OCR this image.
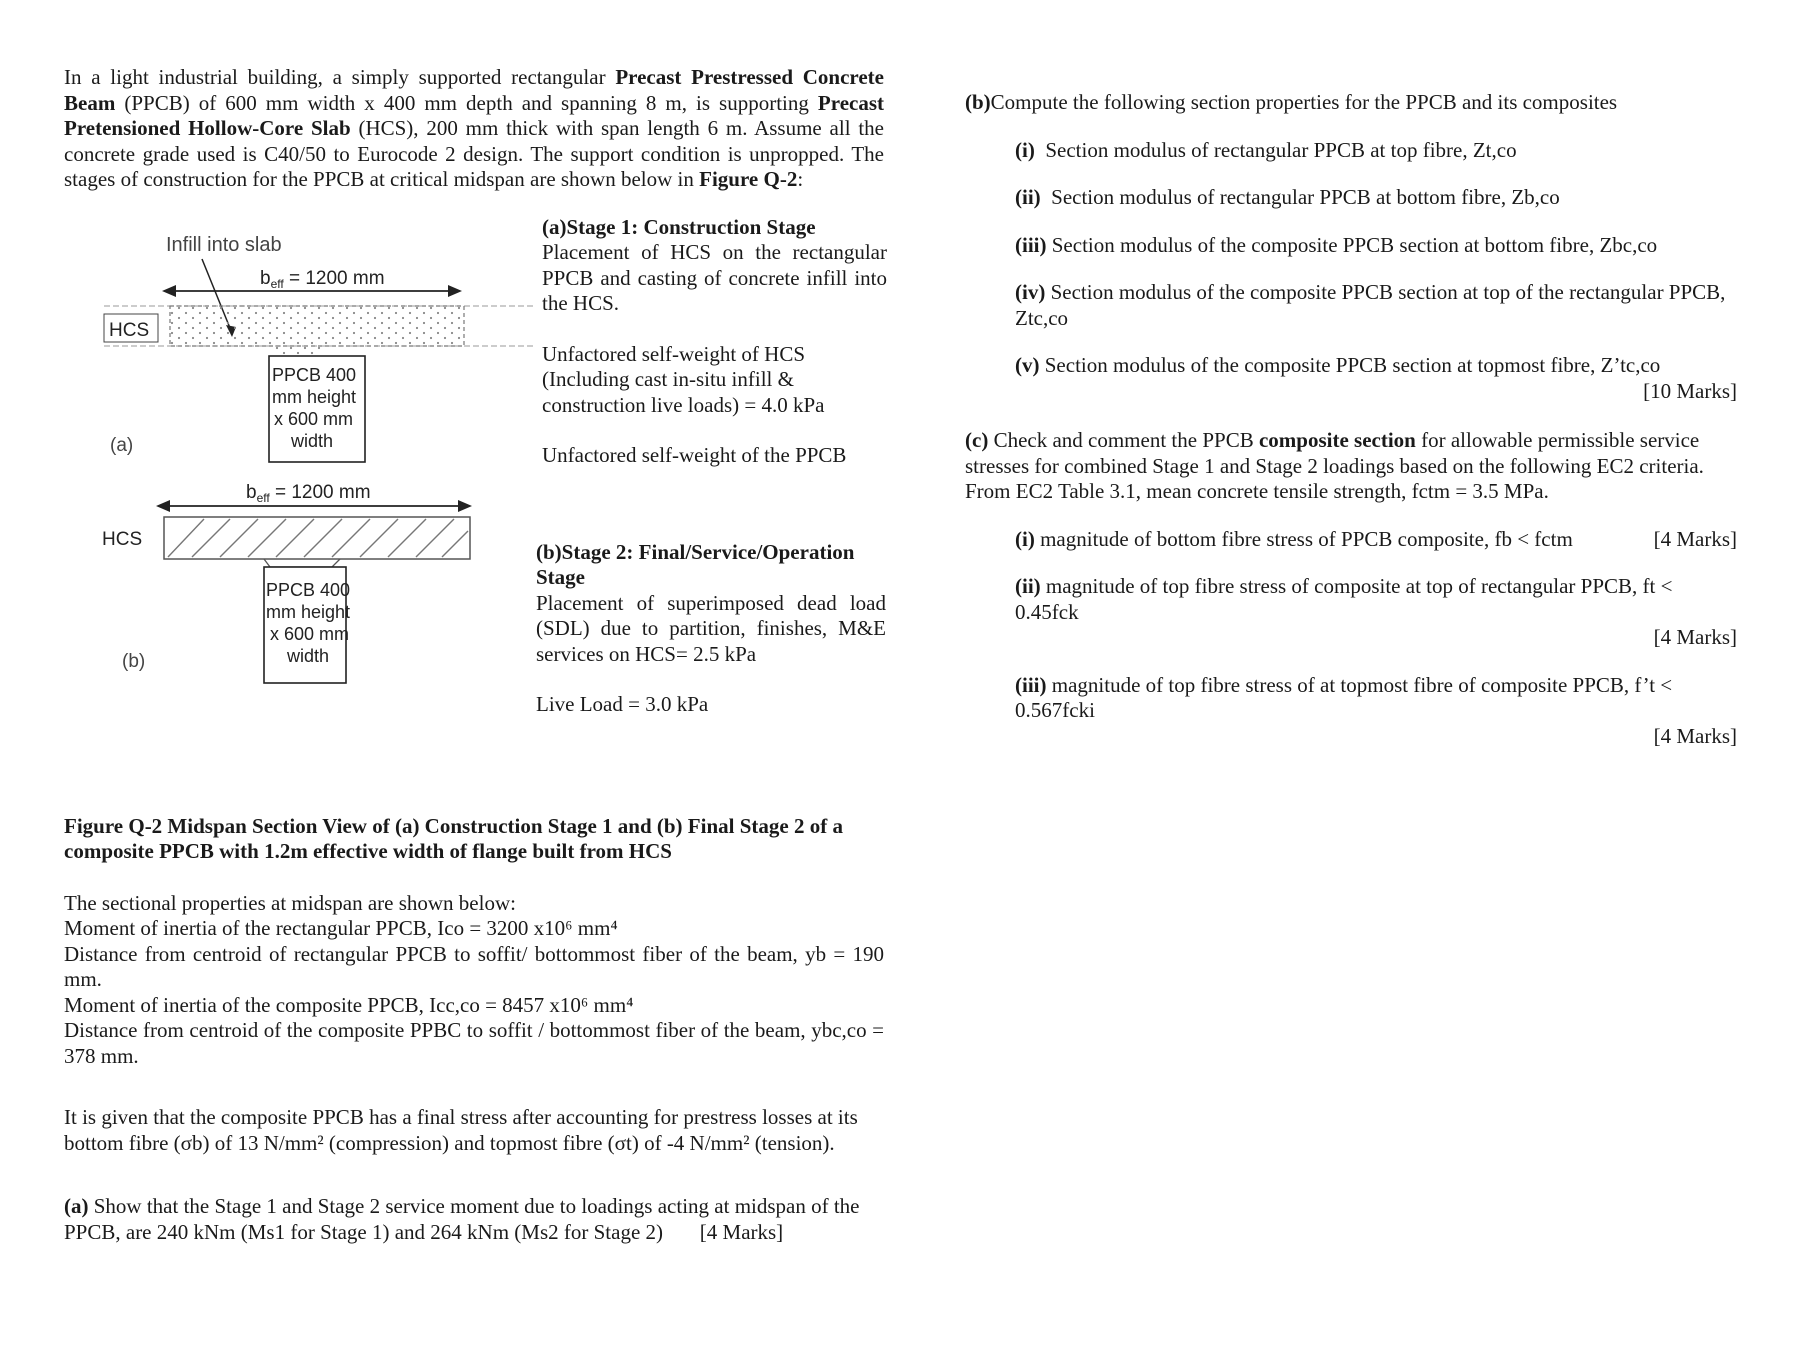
In a light industrial building, a simply supported rectangular Precast Prestressed Concrete Beam (PPCB) of 600 mm width x 400 mm depth and spanning 8 m, is supporting Precast Pretensioned Hollow-Core Slab (HCS), 200 mm thick with span length 6 m. Assume all the concrete grade used is C40/50 to Eurocode 2 design. The support condition is unpropped. The stages of construction for the PPCB at critical midspan are shown below in Figure Q-2:

Infill into slab
$b_{eff} = 1200$ mm
HCS
PPCB 400
mm height
x 600 mm
width
(a)
$b_{eff} = 1200$ mm
HCS
PPCB 400
mm height
x 600 mm
width
(b)

(a)Stage 1: Construction Stage

Placement of HCS on the rectangular PPCB and casting of concrete infill into the HCS.

Unfactored self-weight of HCS (Including cast in-situ infill & construction live loads) = 4.0 kPa

Unfactored self-weight of the PPCB

(b)Stage 2: Final/Service/Operation Stage

Placement of superimposed dead load (SDL) due to partition, finishes, M&E services on HCS= 2.5 kPa

Live Load = 3.0 kPa

Figure Q-2 Midspan Section View of (a) Construction Stage 1 and (b) Final Stage 2 of a composite PPCB with 1.2m effective width of flange built from HCS

The sectional properties at midspan are shown below:

Moment of inertia of the rectangular PPCB, Ico = 3200 x10⁶ mm⁴

Distance from centroid of rectangular PPCB to soffit/ bottommost fiber of the beam, yb = 190 mm.

Moment of inertia of the composite PPCB, Icc,co = 8457 x10⁶ mm⁴

Distance from centroid of the composite PPBC to soffit / bottommost fiber of the beam, ybc,co = 378 mm.

It is given that the composite PPCB has a final stress after accounting for prestress losses at its bottom fibre (σb) of 13 N/mm² (compression) and topmost fibre (σt) of -4 N/mm² (tension).

(a) Show that the Stage 1 and Stage 2 service moment due to loadings acting at midspan of the PPCB, are 240 kNm (Ms1 for Stage 1) and 264 kNm (Ms2 for Stage 2) [4 Marks]

(b)Compute the following section properties for the PPCB and its composites

(i) Section modulus of rectangular PPCB at top fibre, Zt,co

(ii) Section modulus of rectangular PPCB at bottom fibre, Zb,co

(iii) Section modulus of the composite PPCB section at bottom fibre, Zbc,co

(iv) Section modulus of the composite PPCB section at top of the rectangular PPCB, Ztc,co

(v) Section modulus of the composite PPCB section at topmost fibre, Z’tc,co

[10 Marks]

(c) Check and comment the PPCB composite section for allowable permissible service stresses for combined Stage 1 and Stage 2 loadings based on the following EC2 criteria.

From EC2 Table 3.1, mean concrete tensile strength, fctm = 3.5 MPa.

(i) magnitude of bottom fibre stress of PPCB composite, fb < fctm	[4 Marks]

(ii) magnitude of top fibre stress of composite at top of rectangular PPCB, ft < 0.45fck

[4 Marks]

(iii) magnitude of top fibre stress of at topmost fibre of composite PPCB, f’t < 0.567fcki

[4 Marks]
